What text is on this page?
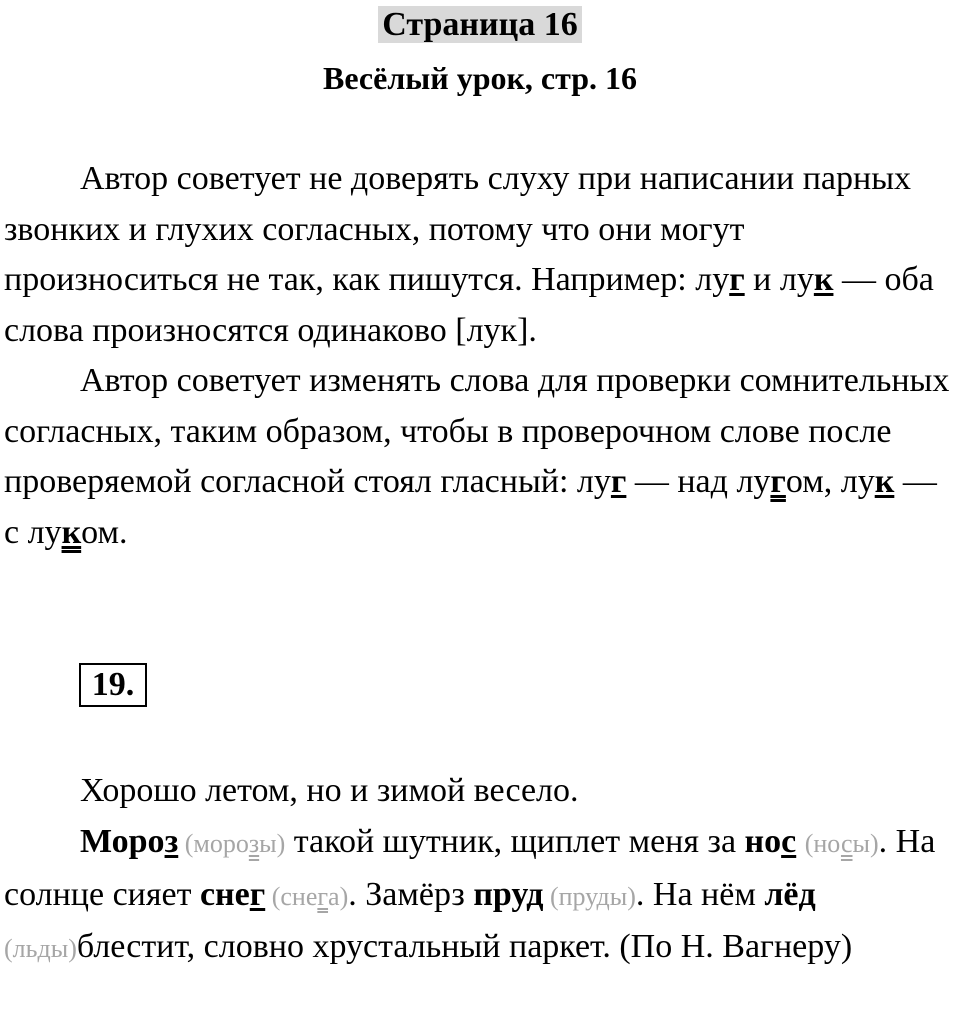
Страница 16
Весёлый урок, стр. 16

Автор советует не доверять слуху при написании парных звонких и глухих согласных, потому что они могут произноситься не так, как пишутся. Например: луг и лук — оба слова произносятся одинаково [лук].

Автор советует изменять слова для проверки сомнительных согласных, таким образом, чтобы в проверочном слове после проверяемой согласной стоял гласный: луг — над лугом, лук — с луком.

19.

Хорошо летом, но и зимой весело.

Мороз (морозы) такой шутник, щиплет меня за нос (носы). На солнце сияет снег (снега). Замёрз пруд (пруды). На нём лёд (льды)блестит, словно хрустальный паркет. (По Н. Вагнеру)
